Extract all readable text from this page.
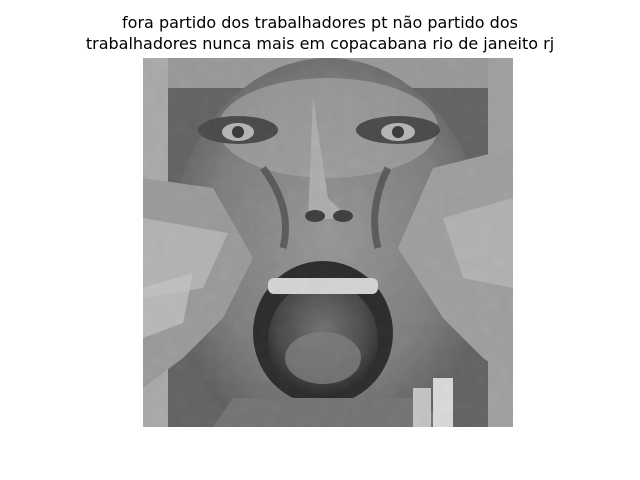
fora partido dos trabalhadores pt não partido dos
trabalhadores nunca mais em copacabana rio de janeito rj
